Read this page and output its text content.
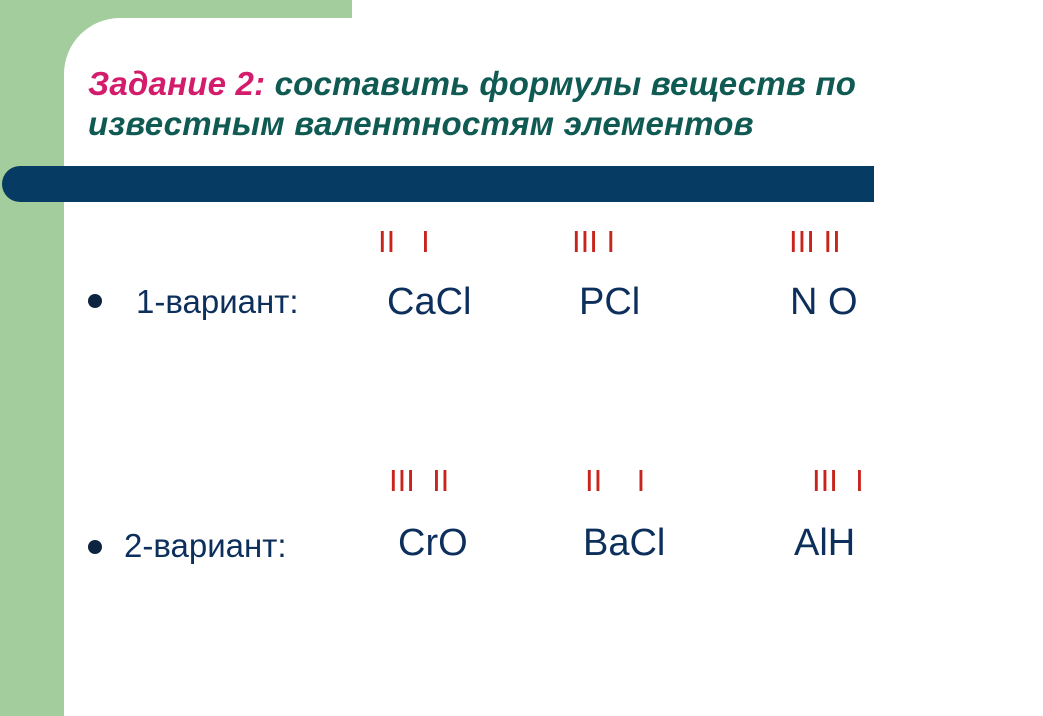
Задание 2: составить формулы веществ по известным валентностям элементов
1-вариант:
II   I
CaCl
III I
PCl
III II
N O
2-вариант:
III  II
CrO
II    I
BaCl
III  I
AlH
